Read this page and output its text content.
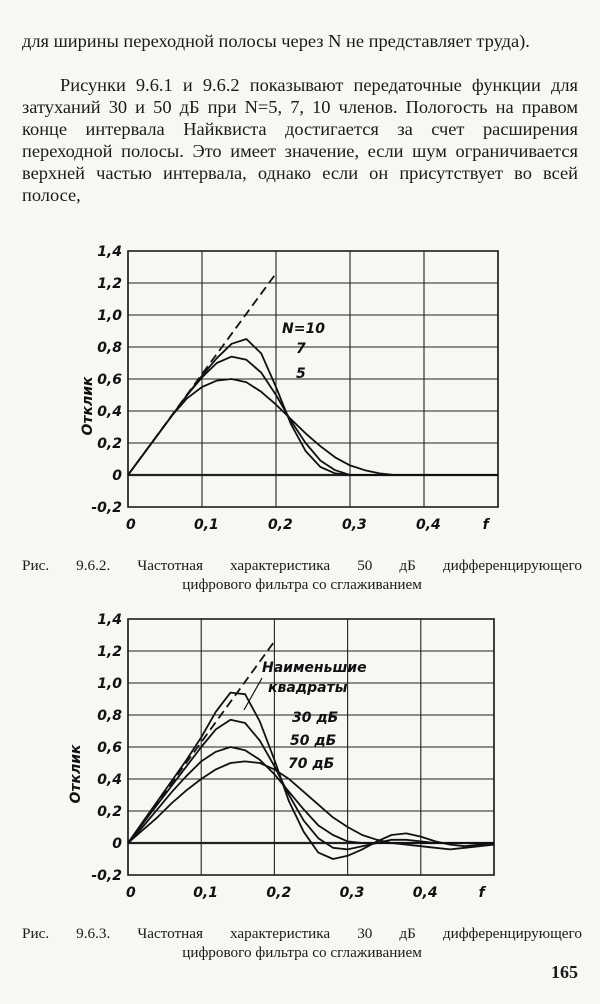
для ширины переходной полосы через N не представляет труда).

Рисунки 9.6.1 и 9.6.2 показывают передаточные функции для затуханий 30 и 50 дБ при N=5, 7, 10 членов. Пологость на правом конце интервала Найквиста достигается за счет расширения переходной полосы. Это имеет значение, если шум ограничивается верхней частью интервала, однако если он присутствует во всей полосе,

1,4
1,2
1,0
0,8
0,6
0,4
0,2
0
-0,2
0	0,1	0,2	0,3	0,4	f
Отклик
N=10
7
5
Рис. 9.6.2. Частотная характеристика 50 дБ дифференцирующего
цифрового фильтра со сглаживанием
1,4
1,2
1,0
0,8
0,6
0,4
0,2
0
-0,2
0	0,1	0,2	0,3	0,4	f
Отклик
30 дБ
50 дБ
70 дБ
Наименьшие
квадраты
Рис. 9.6.3. Частотная характеристика 30 дБ дифференцирующего
цифрового фильтра со сглаживанием
165
